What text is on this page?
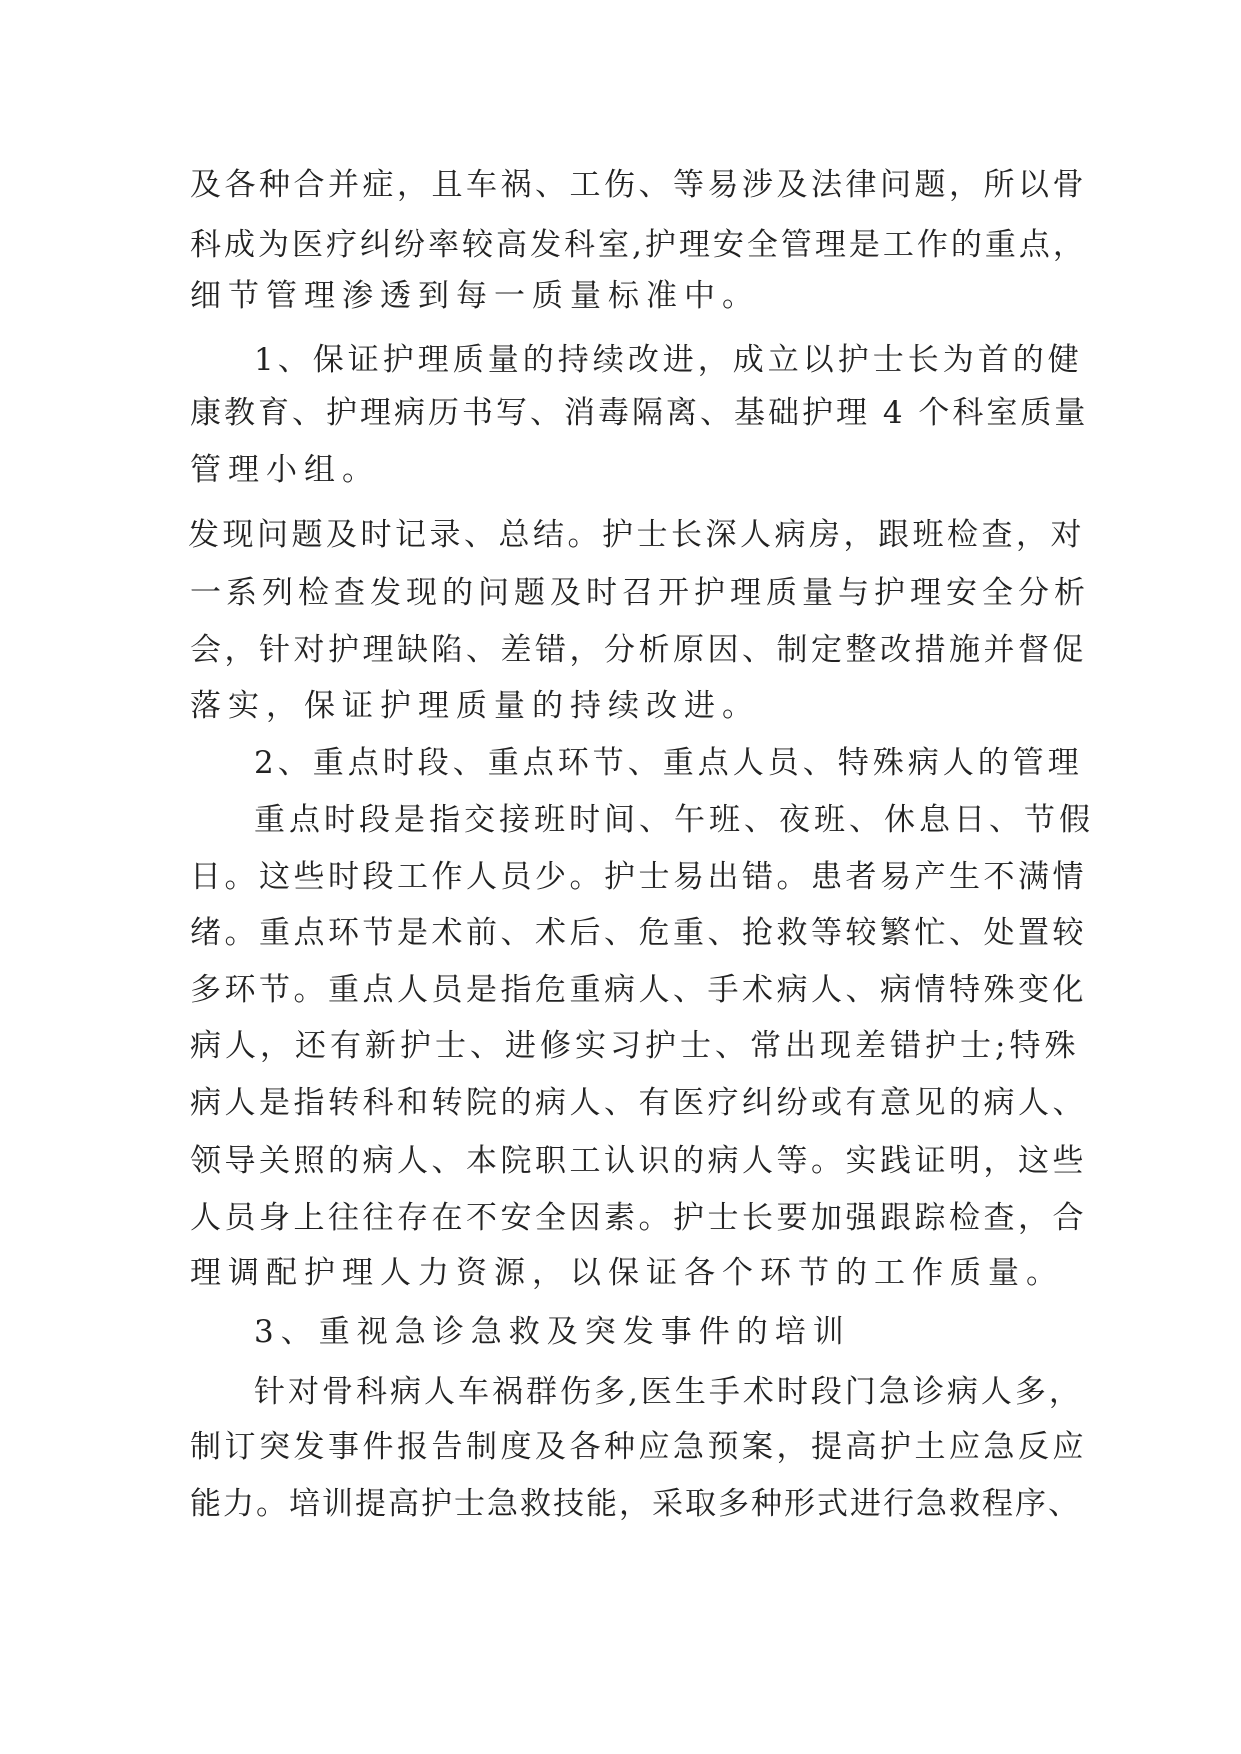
及各种合并症，且车祸、工伤、等易涉及法律问题，所以骨
科成为医疗纠纷率较高发科室,护理安全管理是工作的重点，
细节管理渗透到每一质量标准中。
1、保证护理质量的持续改进，成立以护士长为首的健
康教育、护理病历书写、消毒隔离、基础护理 4 个科室质量
管理小组。
发现问题及时记录、总结。护士长深人病房，跟班检查，对
一系列检查发现的问题及时召开护理质量与护理安全分析
会，针对护理缺陷、差错，分析原因、制定整改措施并督促
落实，保证护理质量的持续改进。
2、重点时段、重点环节、重点人员、特殊病人的管理
重点时段是指交接班时间、午班、夜班、休息日、节假
日。这些时段工作人员少。护士易出错。患者易产生不满情
绪。重点环节是术前、术后、危重、抢救等较繁忙、处置较
多环节。重点人员是指危重病人、手术病人、病情特殊变化
病人，还有新护士、进修实习护士、常出现差错护士;特殊
病人是指转科和转院的病人、有医疗纠纷或有意见的病人、
领导关照的病人、本院职工认识的病人等。实践证明，这些
人员身上往往存在不安全因素。护士长要加强跟踪检查，合
理调配护理人力资源，以保证各个环节的工作质量。
3、重视急诊急救及突发事件的培训
针对骨科病人车祸群伤多,医生手术时段门急诊病人多，
制订突发事件报告制度及各种应急预案，提高护土应急反应
能力。培训提高护士急救技能，采取多种形式进行急救程序、
